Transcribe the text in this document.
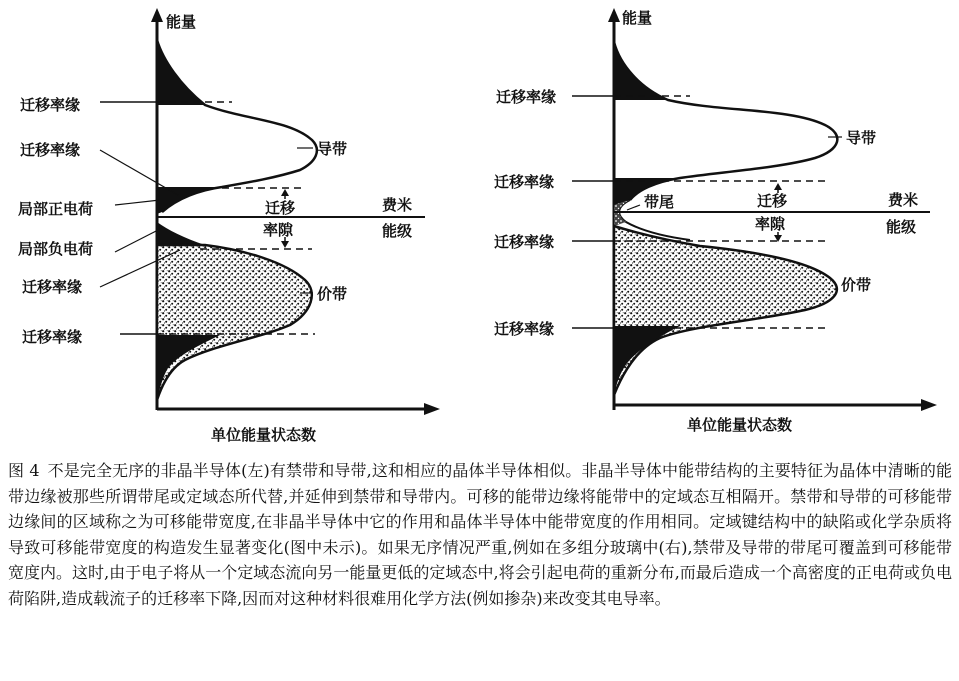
能量
单位能量状态数
迁移率缘
迁移率缘
局部正电荷
局部负电荷
迁移率缘
迁移率缘
导带
价带
迁移
率隙
费米
能级
能量
单位能量状态数
迁移率缘
迁移率缘
迁移率缘
迁移率缘
带尾
导带
价带
迁移
率隙
费米
能级
图 4 不是完全无序的非晶半导体(左)有禁带和导带,这和相应的晶体半导体相似。非晶半导体中能带结构的主要特征为晶体中清晰的能带边缘被那些所谓带尾或定域态所代替,并延伸到禁带和导带内。可移的能带边缘将能带中的定域态互相隔开。禁带和导带的可移能带边缘间的区域称之为可移能带宽度,在非晶半导体中它的作用和晶体半导体中能带宽度的作用相同。定域键结构中的缺陷或化学杂质将导致可移能带宽度的构造发生显著变化(图中未示)。如果无序情况严重,例如在多组分玻璃中(右),禁带及导带的带尾可覆盖到可移能带宽度内。这时,由于电子将从一个定域态流向另一能量更低的定域态中,将会引起电荷的重新分布,而最后造成一个高密度的正电荷或负电荷陷阱,造成载流子的迁移率下降,因而对这种材料很难用化学方法(例如掺杂)来改变其电导率。
